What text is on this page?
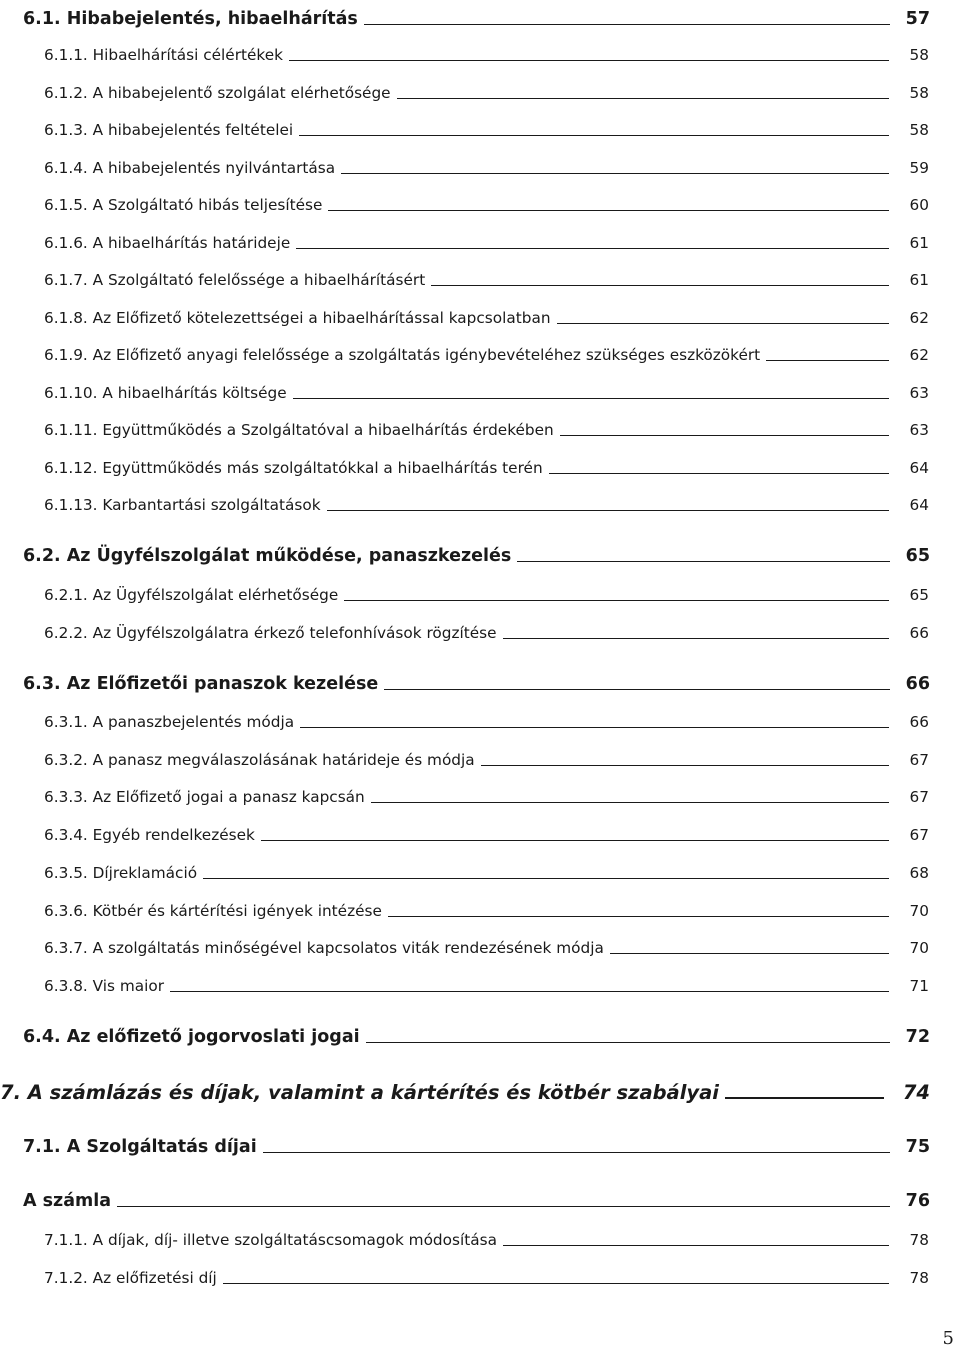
6.1. Hibabejelentés, hibaelhárítás	57
6.1.1. Hibaelhárítási célértékek	58
6.1.2. A hibabejelentő szolgálat elérhetősége	58
6.1.3. A hibabejelentés feltételei	58
6.1.4. A hibabejelentés nyilvántartása	59
6.1.5. A Szolgáltató hibás teljesítése	60
6.1.6. A hibaelhárítás határideje	61
6.1.7. A Szolgáltató felelőssége a hibaelhárításért	61
6.1.8. Az Előfizető kötelezettségei a hibaelhárítással kapcsolatban	62
6.1.9. Az Előfizető anyagi felelőssége a szolgáltatás igénybevételéhez szükséges eszközökért	62
6.1.10. A hibaelhárítás költsége	63
6.1.11. Együttműködés a Szolgáltatóval a hibaelhárítás érdekében	63
6.1.12. Együttműködés más szolgáltatókkal a hibaelhárítás terén	64
6.1.13. Karbantartási szolgáltatások	64
6.2. Az Ügyfélszolgálat működése, panaszkezelés	65
6.2.1. Az Ügyfélszolgálat elérhetősége	65
6.2.2. Az Ügyfélszolgálatra érkező telefonhívások rögzítése	66
6.3. Az Előfizetői panaszok kezelése	66
6.3.1. A panaszbejelentés módja	66
6.3.2. A panasz megválaszolásának határideje és módja	67
6.3.3. Az Előfizető jogai a panasz kapcsán	67
6.3.4. Egyéb rendelkezések	67
6.3.5. Díjreklamáció	68
6.3.6. Kötbér és kártérítési igények intézése	70
6.3.7. A szolgáltatás minőségével kapcsolatos viták rendezésének módja	70
6.3.8. Vis maior	71
6.4. Az előfizető jogorvoslati jogai	72
7. A számlázás és díjak, valamint a kártérítés és kötbér szabályai	74
7.1. A Szolgáltatás díjai	75
A számla	76
7.1.1. A díjak, díj- illetve szolgáltatáscsomagok módosítása	78
7.1.2. Az előfizetési díj	78
5
